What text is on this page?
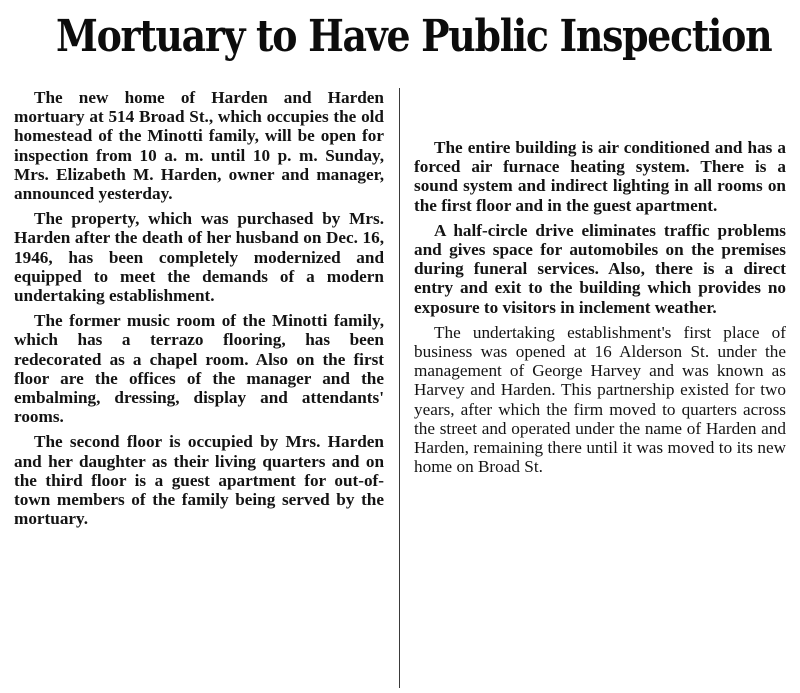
Mortuary to Have Public Inspection

The new home of Harden and Harden mortuary at 514 Broad St., which occupies the old homestead of the Minotti family, will be open for inspection from 10 a. m. until 10 p. m. Sunday, Mrs. Elizabeth M. Harden, owner and manager, announced yesterday.

The property, which was purchased by Mrs. Harden after the death of her husband on Dec. 16, 1946, has been completely modernized and equipped to meet the demands of a modern undertaking establishment.

The former music room of the Minotti family, which has a terrazo flooring, has been redecorated as a chapel room. Also on the first floor are the offices of the manager and the embalming, dressing, display and attendants' rooms.

The second floor is occupied by Mrs. Harden and her daughter as their living quarters and on the third floor is a guest apartment for out-of-town members of the family being served by the mortuary.

The entire building is air conditioned and has a forced air furnace heating system. There is a sound system and indirect lighting in all rooms on the first floor and in the guest apartment.

A half-circle drive eliminates traffic problems and gives space for automobiles on the premises during funeral services. Also, there is a direct entry and exit to the building which provides no exposure to visitors in inclement weather.

The undertaking establishment's first place of business was opened at 16 Alderson St. under the management of George Harvey and was known as Harvey and Harden. This partnership existed for two years, after which the firm moved to quarters across the street and operated under the name of Harden and Harden, remaining there until it was moved to its new home on Broad St.
